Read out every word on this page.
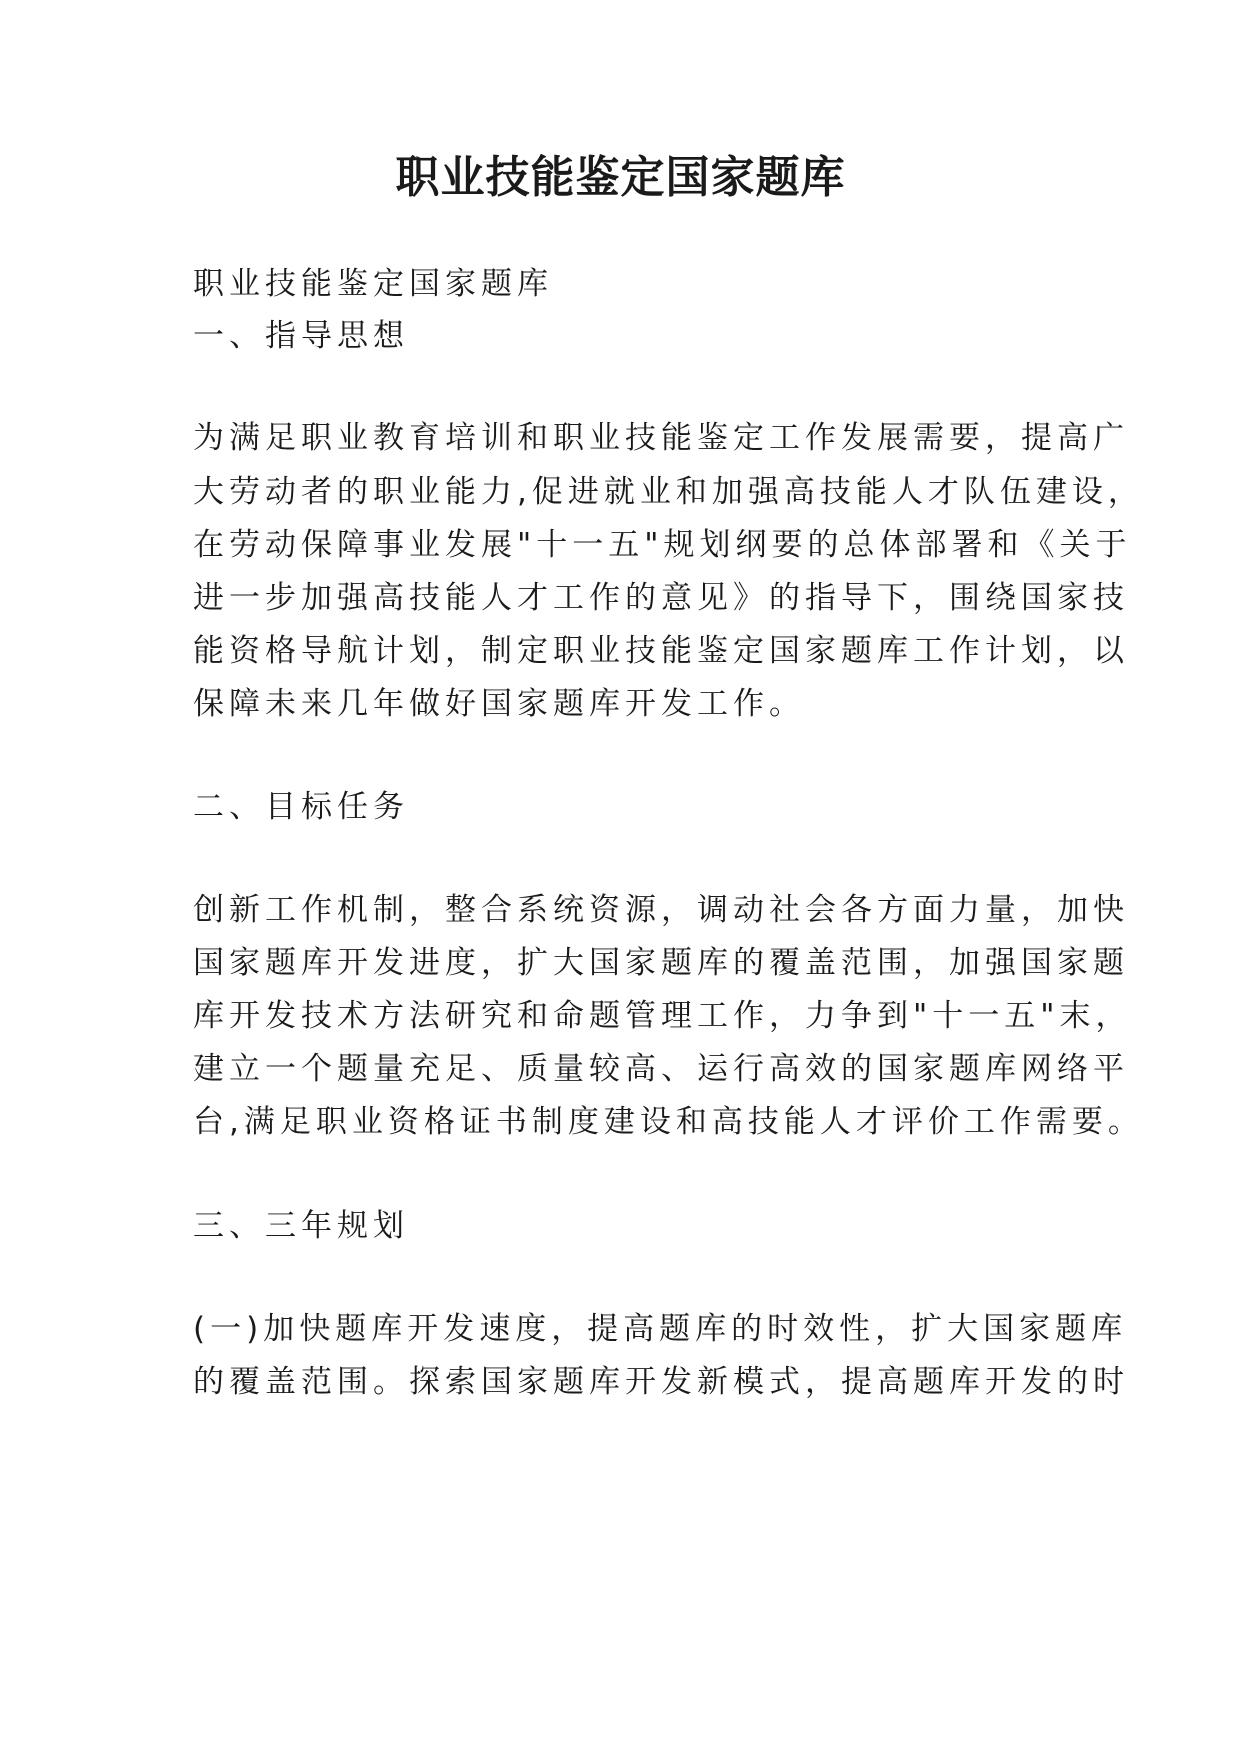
职业技能鉴定国家题库
职业技能鉴定国家题库
一、指导思想
为满足职业教育培训和职业技能鉴定工作发展需要，提高广
大劳动者的职业能力,促进就业和加强高技能人才队伍建设，
在劳动保障事业发展"十一五"规划纲要的总体部署和《关于
进一步加强高技能人才工作的意见》的指导下，围绕国家技
能资格导航计划，制定职业技能鉴定国家题库工作计划，以
保障未来几年做好国家题库开发工作。
二、目标任务
创新工作机制，整合系统资源，调动社会各方面力量，加快
国家题库开发进度，扩大国家题库的覆盖范围，加强国家题
库开发技术方法研究和命题管理工作，力争到"十一五"末，
建立一个题量充足、质量较高、运行高效的国家题库网络平
台,满足职业资格证书制度建设和高技能人才评价工作需要。
三、三年规划
(一)加快题库开发速度，提高题库的时效性，扩大国家题库
的覆盖范围。探索国家题库开发新模式，提高题库开发的时
